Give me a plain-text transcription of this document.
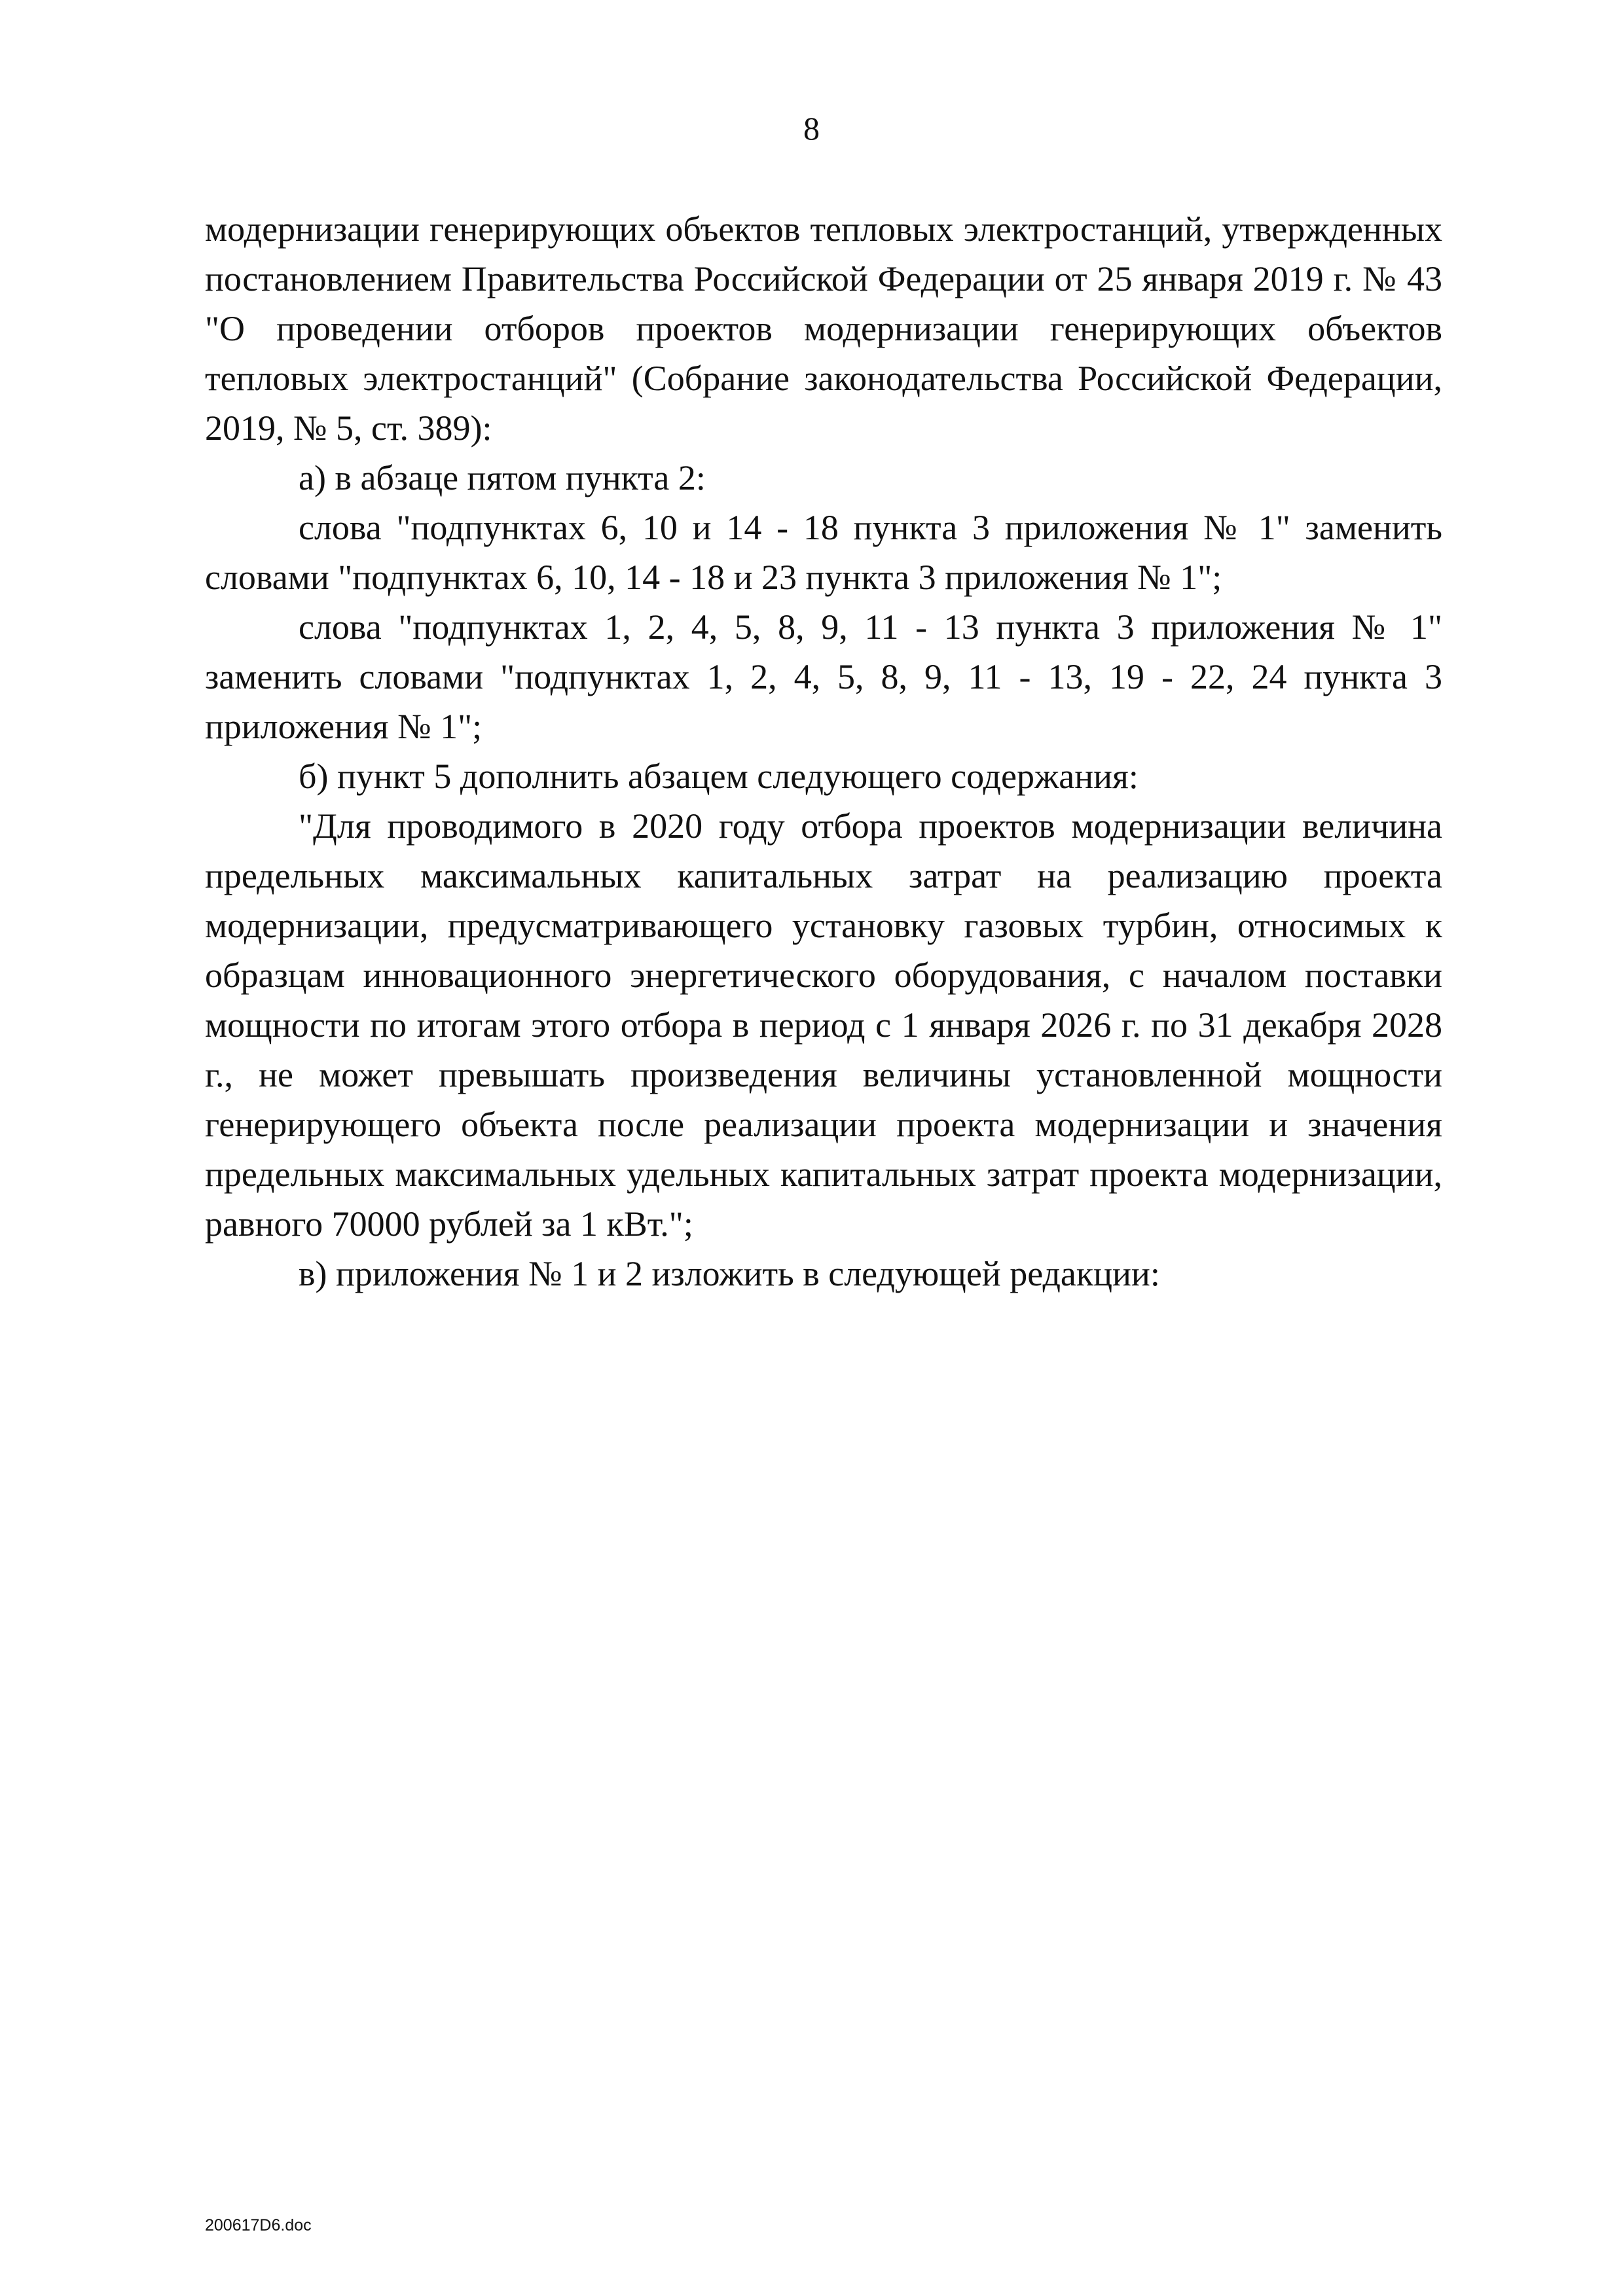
8

модернизации генерирующих объектов тепловых электростанций, утвержденных постановлением Правительства Российской Федерации от 25 января 2019 г. № 43 "О проведении отборов проектов модернизации генерирующих объектов тепловых электростанций" (Собрание законодательства Российской Федерации, 2019, № 5, ст. 389):

а) в абзаце пятом пункта 2:

слова "подпунктах 6, 10 и 14 - 18 пункта 3 приложения № 1" заменить словами "подпунктах 6, 10, 14 - 18 и 23 пункта 3 приложения № 1";

слова "подпунктах 1, 2, 4, 5, 8, 9, 11 - 13 пункта 3 приложения № 1" заменить словами "подпунктах 1, 2, 4, 5, 8, 9, 11 - 13, 19 - 22, 24 пункта 3 приложения № 1";

б) пункт 5 дополнить абзацем следующего содержания:

"Для проводимого в 2020 году отбора проектов модернизации величина предельных максимальных капитальных затрат на реализацию проекта модернизации, предусматривающего установку газовых турбин, относимых к образцам инновационного энергетического оборудования, с началом поставки мощности по итогам этого отбора в период с 1 января 2026 г. по 31 декабря 2028 г., не может превышать произведения величины установленной мощности генерирующего объекта после реализации проекта модернизации и значения предельных максимальных удельных капитальных затрат проекта модернизации, равного 70000 рублей за 1 кВт.";

в) приложения № 1 и 2 изложить в следующей редакции:

200617D6.doc
